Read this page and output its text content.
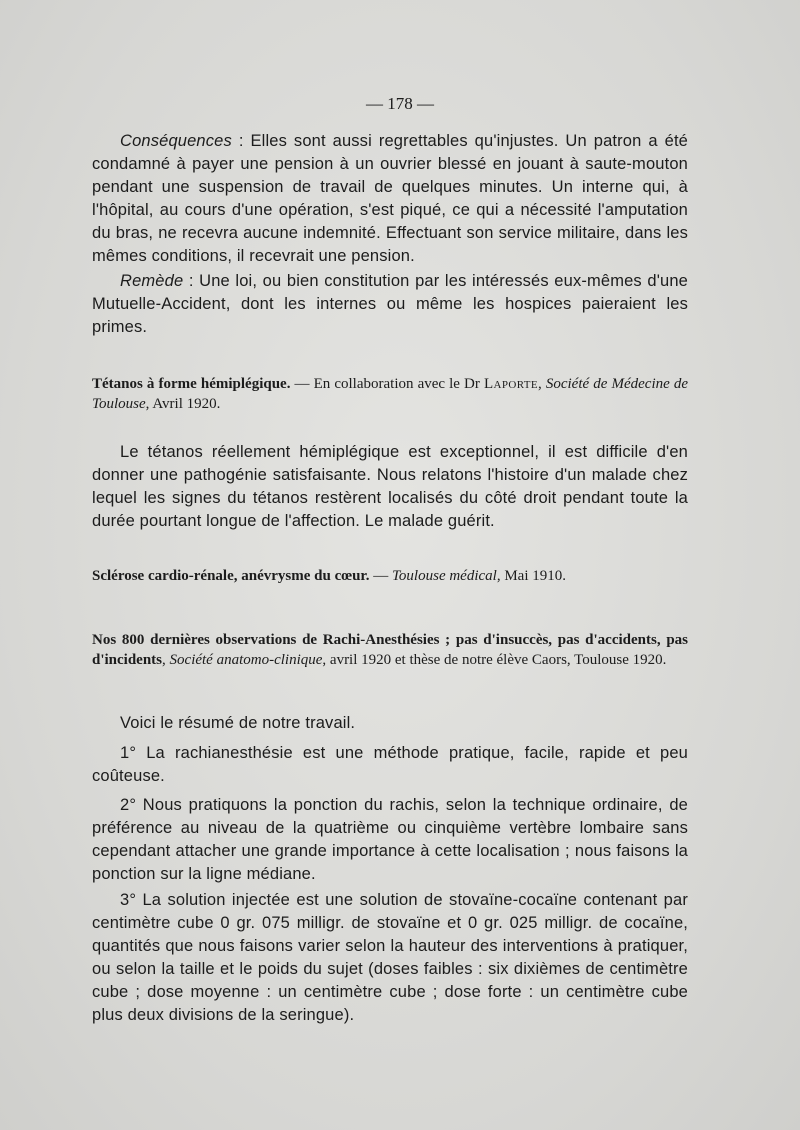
— 178 —

Conséquences : Elles sont aussi regrettables qu'injustes. Un patron a été condamné à payer une pension à un ouvrier blessé en jouant à saute-mouton pendant une suspension de travail de quelques minutes. Un interne qui, à l'hôpital, au cours d'une opération, s'est piqué, ce qui a nécessité l'amputation du bras, ne recevra aucune indemnité. Effectuant son service militaire, dans les mêmes conditions, il recevrait une pension.

Remède : Une loi, ou bien constitution par les intéressés eux-mêmes d'une Mutuelle-Accident, dont les internes ou même les hospices paieraient les primes.

Tétanos à forme hémiplégique. — En collaboration avec le Dr Laporte, Société de Médecine de Toulouse, Avril 1920.

Le tétanos réellement hémiplégique est exceptionnel, il est difficile d'en donner une pathogénie satisfaisante. Nous relatons l'histoire d'un malade chez lequel les signes du tétanos restèrent localisés du côté droit pendant toute la durée pourtant longue de l'affection. Le malade guérit.

Sclérose cardio-rénale, anévrysme du cœur. — Toulouse médical, Mai 1910.

Nos 800 dernières observations de Rachi-Anesthésies ; pas d'insuccès, pas d'accidents, pas d'incidents, Société anatomo-clinique, avril 1920 et thèse de notre élève Caors, Toulouse 1920.

Voici le résumé de notre travail.

1° La rachianesthésie est une méthode pratique, facile, rapide et peu coûteuse.

2° Nous pratiquons la ponction du rachis, selon la technique ordinaire, de préférence au niveau de la quatrième ou cinquième vertèbre lombaire sans cependant attacher une grande importance à cette localisation ; nous faisons la ponction sur la ligne médiane.

3° La solution injectée est une solution de stovaïne-cocaïne contenant par centimètre cube 0 gr. 075 milligr. de stovaïne et 0 gr. 025 milligr. de cocaïne, quantités que nous faisons varier selon la hauteur des interventions à pratiquer, ou selon la taille et le poids du sujet (doses faibles : six dixièmes de centimètre cube ; dose moyenne : un centimètre cube ; dose forte : un centimètre cube plus deux divisions de la seringue).
